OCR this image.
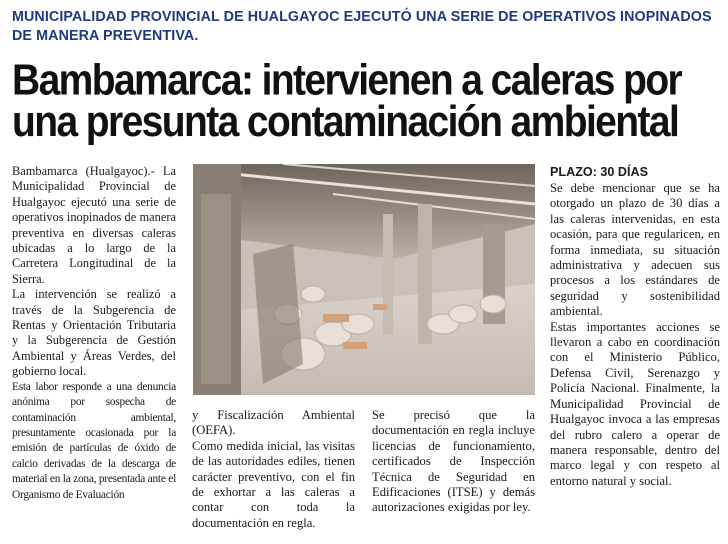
MUNICIPALIDAD PROVINCIAL DE HUALGAYOC EJECUTÓ UNA SERIE DE OPERATIVOS INOPINADOS DE MANERA PREVENTIVA.
Bambamarca: intervienen a caleras por una presunta contaminación ambiental

Bambamarca (Hualgayoc).- La Municipalidad Provincial de Hualgayoc ejecutó una serie de operativos inopinados de manera preventiva en diversas caleras ubicadas a lo largo de la Carretera Longitudinal de la Sierra.

La intervención se realizó a través de la Subgerencia de Rentas y Orientación Tributaria y la Subgerencia de Gestión Ambiental y Áreas Verdes, del gobierno local.

Esta labor responde a una denuncia anónima por sospecha de contaminación ambiental, presuntamente ocasionada por la emisión de partículas de óxido de calcio derivadas de la descarga de material en la zona, presentada ante el Organismo de Evaluación

y Fiscalización Ambiental (OEFA).

Como medida inicial, las visitas de las autoridades ediles, tienen carácter preventivo, con el fin de exhortar a las caleras a contar con toda la documentación en regla.

Se precisó que la documentación en regla incluye licencias de funcionamiento, certificados de Inspección Técnica de Seguridad en Edificaciones (ITSE) y demás autorizaciones exigidas por ley.

PLAZO: 30 DÍAS

Se debe mencionar que se ha otorgado un plazo de 30 días a las caleras intervenidas, en esta ocasión, para que regularicen, en forma inmediata, su situación administrativa y adecuen sus procesos a los estándares de seguridad y sostenibilidad ambiental.

Estas importantes acciones se llevaron a cabo en coordinación con el Ministerio Público, Defensa Civil, Serenazgo y Policía Nacional. Finalmente, la Municipalidad Provincial de Hualgayoc invoca a las empresas del rubro calero a operar de manera responsable, dentro del marco legal y con respeto al entorno natural y social.
